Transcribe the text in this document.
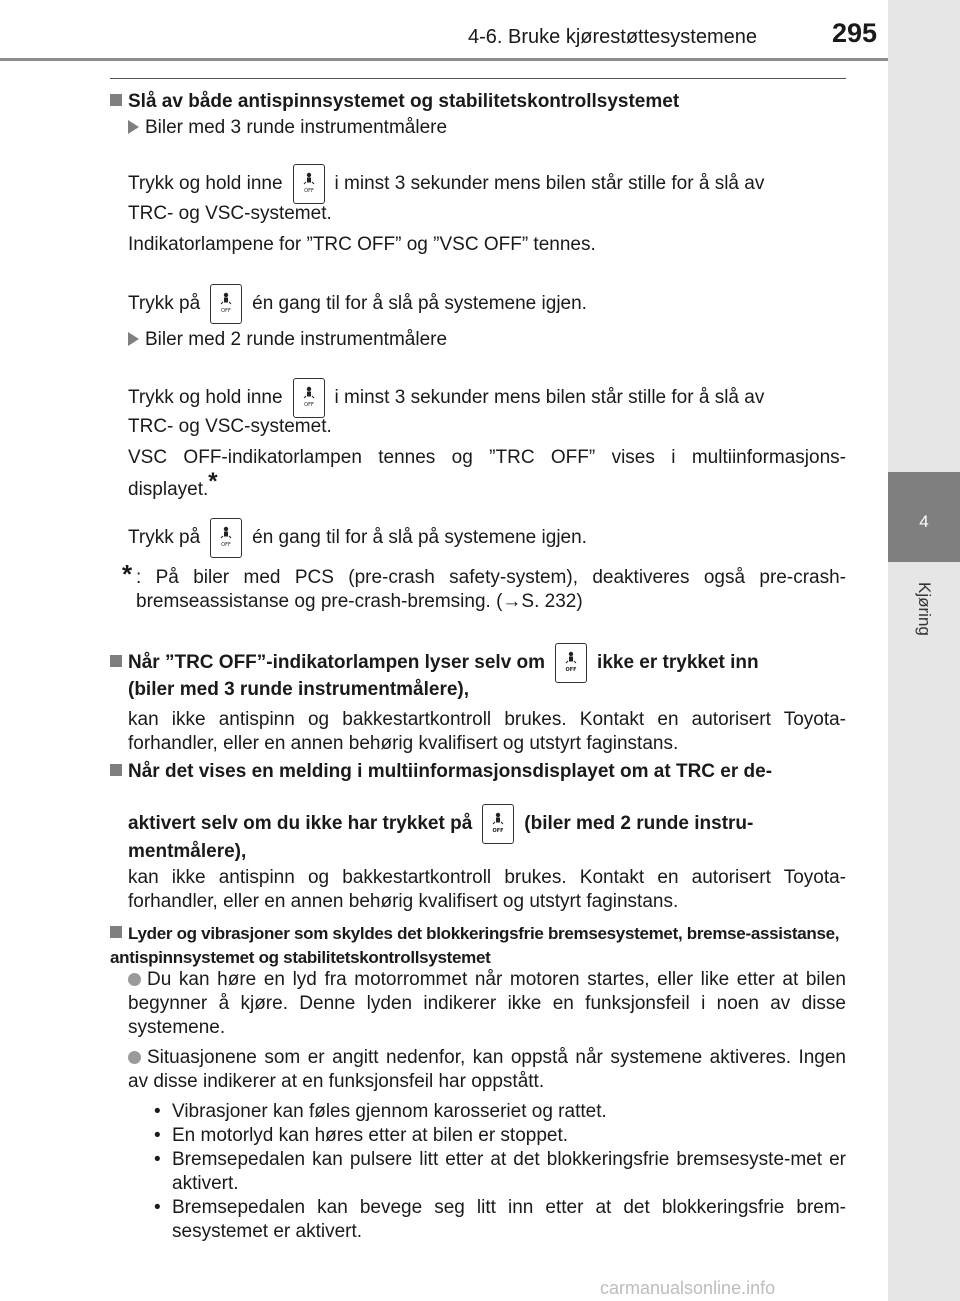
4-6. Bruke kjørestøttesystemene	295
4
Kjøring
Slå av både antispinnsystemet og stabilitetskontrollsystemet
Biler med 3 runde instrumentmålere
Trykk og hold inne	OFF i minst 3 sekunder mens bilen står stille for å slå av
TRC- og VSC-systemet.
Indikatorlampene for ”TRC OFF” og ”VSC OFF” tennes.
Trykk på	OFF én gang til for å slå på systemene igjen.
Biler med 2 runde instrumentmålere
Trykk og hold inne	OFF i minst 3 sekunder mens bilen står stille for å slå av
TRC- og VSC-systemet.
VSC OFF-indikatorlampen tennes og ”TRC OFF” vises i multiinformasjons-displayet.*
Trykk på	OFF én gang til for å slå på systemene igjen.
* : På biler med PCS (pre-crash safety-system), deaktiveres også pre-crash-bremseassistanse og pre-crash-bremsing. (→S. 232)
Når ”TRC OFF”-indikatorlampen lyser selv om	OFF ikke er trykket inn
(biler med 3 runde instrumentmålere),
kan ikke antispinn og bakkestartkontroll brukes. Kontakt en autorisert Toyota-forhandler, eller en annen behørig kvalifisert og utstyrt faginstans.
Når det vises en melding i multiinformasjonsdisplayet om at TRC er de-
aktivert selv om du ikke har trykket på	OFF (biler med 2 runde instru-
mentmålere),
kan ikke antispinn og bakkestartkontroll brukes. Kontakt en autorisert Toyota-forhandler, eller en annen behørig kvalifisert og utstyrt faginstans.
Lyder og vibrasjoner som skyldes det blokkeringsfrie bremsesystemet, bremse-assistanse, antispinnsystemet og stabilitetskontrollsystemet
Du kan høre en lyd fra motorrommet når motoren startes, eller like etter at bilen begynner å kjøre. Denne lyden indikerer ikke en funksjonsfeil i noen av disse systemene.
Situasjonene som er angitt nedenfor, kan oppstå når systemene aktiveres. Ingen av disse indikerer at en funksjonsfeil har oppstått.
• Vibrasjoner kan føles gjennom karosseriet og rattet.
• En motorlyd kan høres etter at bilen er stoppet.
• Bremsepedalen kan pulsere litt etter at det blokkeringsfrie bremsesyste-met er aktivert.
• Bremsepedalen kan bevege seg litt inn etter at det blokkeringsfrie brem-sesystemet er aktivert.
carmanualsonline.info
